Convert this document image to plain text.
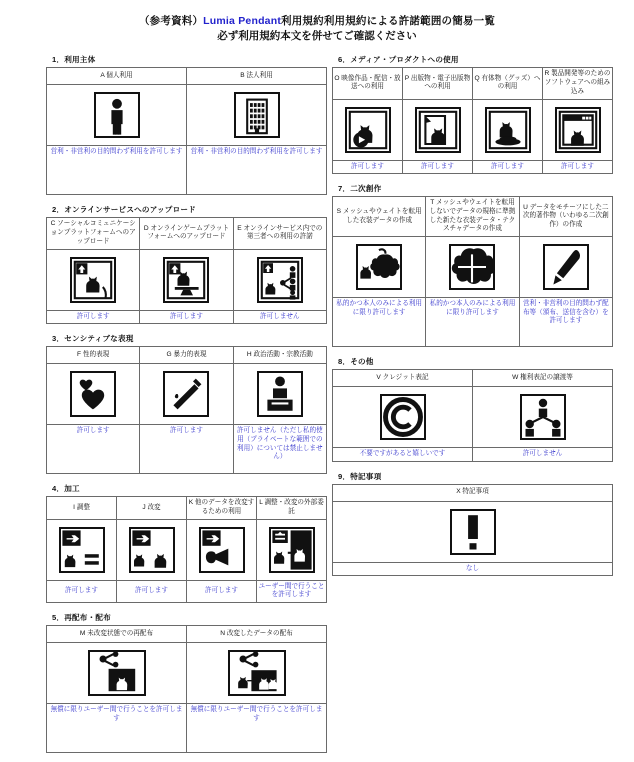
（参考資料）Lumia Pendant利用規約利用規約による許諾範囲の簡易一覧
必ず利用規約本文を併せてご確認ください
1．利用主体
A 個人利用	B 法人利用

営利・非営利の目的問わず利用を許可します	営利・非営利の目的問わず利用を許可します
2．オンラインサービスへのアップロード
C ソーシャルコミュニケーションプラットフォームへのアップロード	D オンラインゲームプラットフォームへのアップロード	E オンラインサービス内での第三者への利用の許諾

許可します	許可します	許可しません
3．センシティブな表現
F 性的表現	G 暴力的表現	H 政治活動・宗教活動

許可します	許可します	許可しません（ただし私的使用（プライベートな範囲での利用）については禁止しません）
4．加工
I 調整	J 改変	K 他のデータを改変するための利用	L 調整・改変の外部委託

許可します	許可します	許可します	ユーザー間で行うことを許可します
5．再配布・配布
M 未改変状態での再配布	N 改変したデータの配布

無償に限りユーザー間で行うことを許可します	無償に限りユーザー間で行うことを許可します
6．メディア・プロダクトへの使用
O 映像作品・配信・放送への利用	P 出版物・電子出版物への利用	Q 有体物（グッズ）への利用	R 製品開発等のためのソフトウェアへの組み込み

許可します	許可します	許可します	許可します
7．二次創作
S メッシュやウェイトを転用した衣装データの作成	T メッシュやウェイトを転用しないでデータの規格に準拠した新たな衣装データ・テクスチャデータの作成	U データをモチーフにした二次的著作物（いわゆる二次創作）の作成

私的かつ本人のみによる利用に限り許可します	私的かつ本人のみによる利用に限り許可します	営利・非営利の目的問わず配布等（頒布、送信を含む）を許可します
8．その他
V クレジット表記	W 権利表記の譲渡等

不要ですがあると嬉しいです	許可しません
9．特記事項
X 特記事項

なし
